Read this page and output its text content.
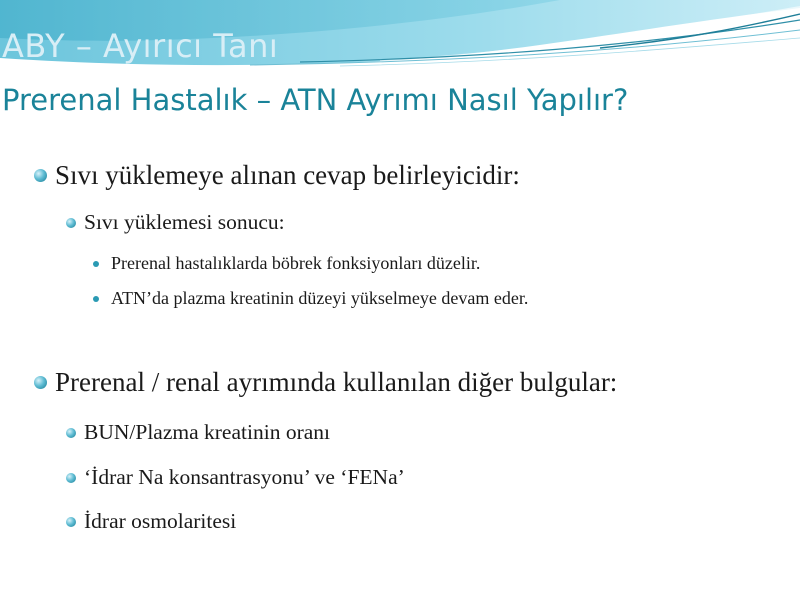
ABY – Ayırıcı Tanı
Prerenal Hastalık – ATN Ayrımı Nasıl Yapılır?
Sıvı yüklemeye alınan cevap belirleyicidir:
Sıvı yüklemesi sonucu:
Prerenal hastalıklarda böbrek fonksiyonları düzelir.
ATN’da plazma kreatinin düzeyi yükselmeye devam eder.
Prerenal / renal ayrımında kullanılan diğer bulgular:
BUN/Plazma kreatinin oranı
‘İdrar Na konsantrasyonu’ ve ‘FENa’
İdrar osmolaritesi
